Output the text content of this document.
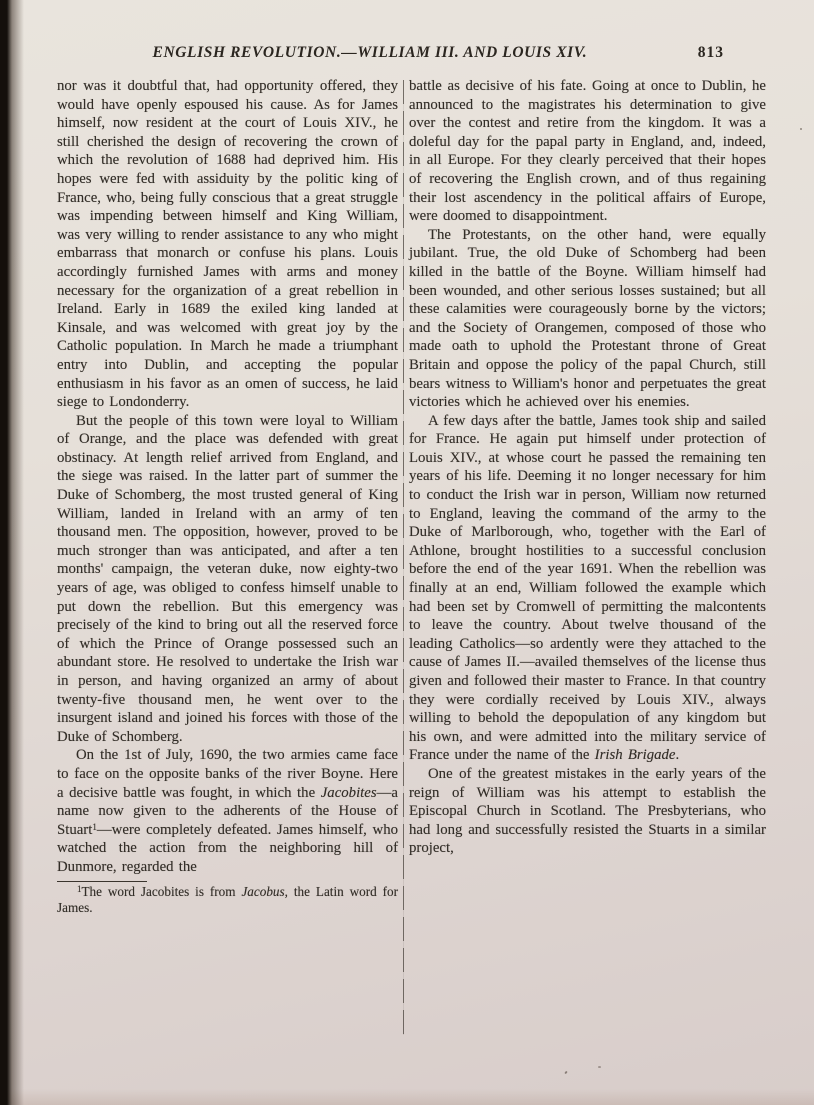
ENGLISH REVOLUTION.—WILLIAM III. AND LOUIS XIV.	813

nor was it doubtful that, had opportunity offered, they would have openly espoused his cause. As for James himself, now resident at the court of Louis XIV., he still cherished the design of recovering the crown of which the revolution of 1688 had deprived him. His hopes were fed with assiduity by the politic king of France, who, being fully conscious that a great struggle was impending between himself and King William, was very willing to render assistance to any who might embarrass that monarch or confuse his plans. Louis accordingly furnished James with arms and money necessary for the organization of a great rebellion in Ireland. Early in 1689 the exiled king landed at Kinsale, and was welcomed with great joy by the Catholic population. In March he made a triumphant entry into Dublin, and accepting the popular enthusiasm in his favor as an omen of success, he laid siege to Londonderry.

But the people of this town were loyal to William of Orange, and the place was defended with great obstinacy. At length relief arrived from England, and the siege was raised. In the latter part of summer the Duke of Schomberg, the most trusted general of King William, landed in Ireland with an army of ten thousand men. The opposition, however, proved to be much stronger than was anticipated, and after a ten months' campaign, the veteran duke, now eighty-two years of age, was obliged to confess himself unable to put down the rebellion. But this emergency was precisely of the kind to bring out all the reserved force of which the Prince of Orange possessed such an abundant store. He resolved to undertake the Irish war in person, and having organized an army of about twenty-five thousand men, he went over to the insurgent island and joined his forces with those of the Duke of Schomberg.

On the 1st of July, 1690, the two armies came face to face on the opposite banks of the river Boyne. Here a decisive battle was fought, in which the Jacobites—a name now given to the adherents of the House of Stuart$^1$—were completely defeated. James himself, who watched the action from the neighboring hill of Dunmore, regarded the

$^1$The word Jacobites is from Jacobus, the Latin word for James.

battle as decisive of his fate. Going at once to Dublin, he announced to the magistrates his determination to give over the contest and retire from the kingdom. It was a doleful day for the papal party in England, and, indeed, in all Europe. For they clearly perceived that their hopes of recovering the English crown, and of thus regaining their lost ascendency in the political affairs of Europe, were doomed to disappointment.

The Protestants, on the other hand, were equally jubilant. True, the old Duke of Schomberg had been killed in the battle of the Boyne. William himself had been wounded, and other serious losses sustained; but all these calamities were courageously borne by the victors; and the Society of Orangemen, composed of those who made oath to uphold the Protestant throne of Great Britain and oppose the policy of the papal Church, still bears witness to William's honor and perpetuates the great victories which he achieved over his enemies.

A few days after the battle, James took ship and sailed for France. He again put himself under protection of Louis XIV., at whose court he passed the remaining ten years of his life. Deeming it no longer necessary for him to conduct the Irish war in person, William now returned to England, leaving the command of the army to the Duke of Marlborough, who, together with the Earl of Athlone, brought hostilities to a successful conclusion before the end of the year 1691. When the rebellion was finally at an end, William followed the example which had been set by Cromwell of permitting the malcontents to leave the country. About twelve thousand of the leading Catholics—so ardently were they attached to the cause of James II.—availed themselves of the license thus given and followed their master to France. In that country they were cordially received by Louis XIV., always willing to behold the depopulation of any kingdom but his own, and were admitted into the military service of France under the name of the Irish Brigade.

One of the greatest mistakes in the early years of the reign of William was his attempt to establish the Episcopal Church in Scotland. The Presbyterians, who had long and successfully resisted the Stuarts in a similar project,
